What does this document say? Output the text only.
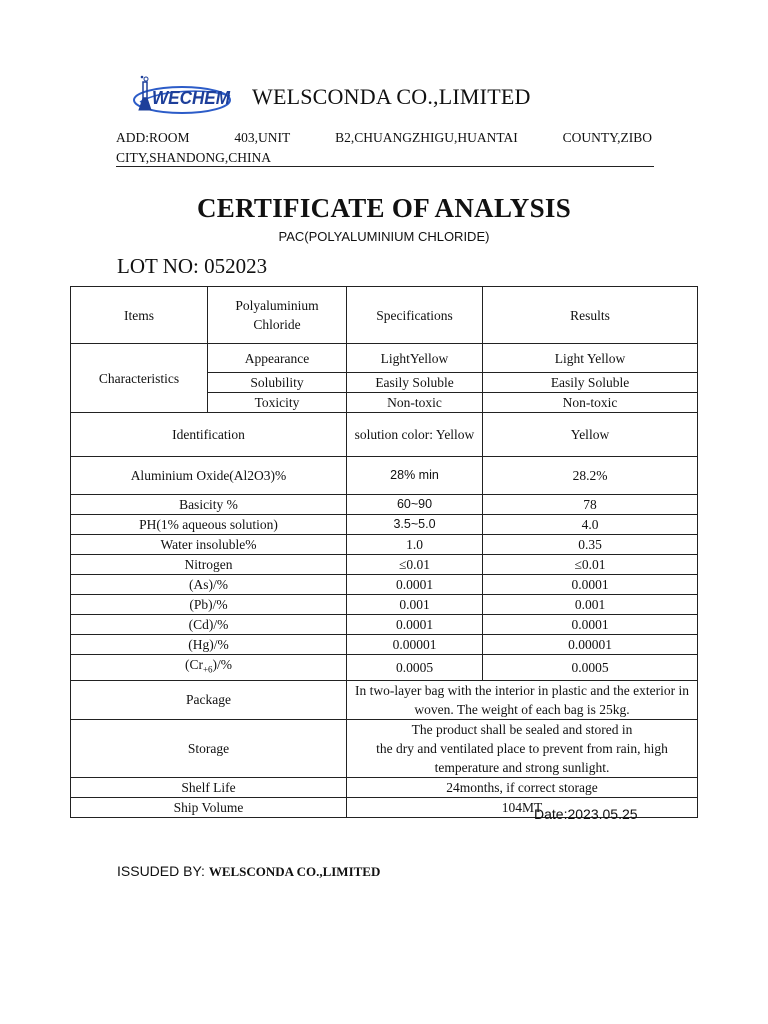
WECHEM WELSCONDA CO.,LIMITED
ADD:ROOM	403,UNIT	B2,CHUANGZHIGU,HUANTAI	COUNTY,ZIBO
CITY,SHANDONG,CHINA
CERTIFICATE OF ANALYSIS
PAC(POLYALUMINIUM CHLORIDE)
LOT NO: 052023
Items	Polyaluminium Chloride	Specifications	Results
Characteristics	Appearance	LightYellow	Light Yellow
	Solubility	Easily Soluble	Easily Soluble
	Toxicity	Non-toxic	Non-toxic
Identification		solution color: Yellow	Yellow
Aluminium Oxide(Al2O3)%		28% min	28.2%
Basicity %		60~90	78
PH(1% aqueous solution)		3.5~5.0	4.0
Water insoluble%		1.0	0.35
Nitrogen		≤0.01	≤0.01
(As)/%		0.0001	0.0001
(Pb)/%		0.001	0.001
(Cd)/%		0.0001	0.0001
(Hg)/%		0.00001	0.00001
$(Cr_{+6})/\%$		0.0005	0.0005
Package		In two-layer bag with the interior in plastic and the exterior in woven. The weight of each bag is 25kg.	
Storage		The product shall be sealed and stored in
the dry and ventilated place to prevent from rain, high temperature and strong sunlight.	

Shelf Life		24months, if correct storage	
Ship Volume		104MT	
Date:2023.05.25
ISSUDED BY: WELSCONDA CO.,LIMITED
